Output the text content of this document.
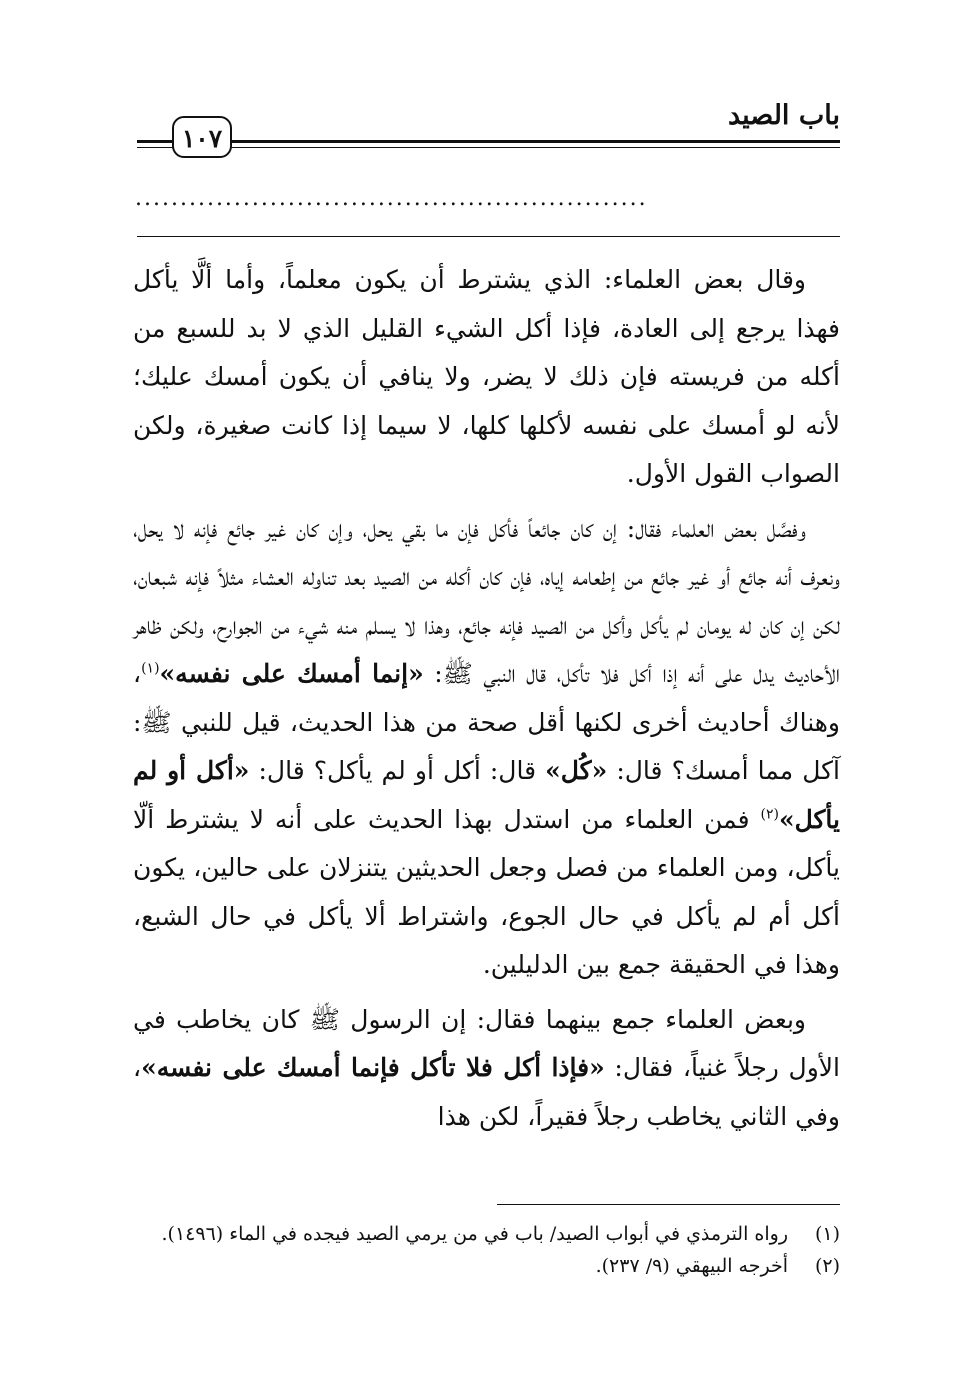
باب الصيد
١٠٧
.........................................................

وقال بعض العلماء: الذي يشترط أن يكون معلماً، وأما ألَّا يأكل فهذا يرجع إلى العادة، فإذا أكل الشيء القليل الذي لا بد للسبع من أكله من فريسته فإن ذلك لا يضر، ولا ينافي أن يكون أمسك عليك؛ لأنه لو أمسك على نفسه لأكلها كلها، لا سيما إذا كانت صغيرة، ولكن الصواب القول الأول.

وفصَّل بعض العلماء فقال: إن كان جائعاً فأكل فإن ما بقي يحل، وإن كان غير جائع فإنه لا يحل، ونعرف أنه جائع أو غير جائع من إطعامه إياه، فإن كان أكله من الصيد بعد تناوله العشاء مثلاً فإنه شبعان، لكن إن كان له يومان لم يأكل وأكل من الصيد فإنه جائع، وهذا لا يسلم منه شيء من الجوارح، ولكن ظاهر الأحاديث يدل على أنه إذا أكل فلا تأكل، قال النبي ﷺ: «إنما أمسك على نفسه»$^{(١)}$، وهناك أحاديث أخرى لكنها أقل صحة من هذا الحديث، قيل للنبي ﷺ: آكل مما أمسك؟ قال: «كُل» قال: أكل أو لم يأكل؟ قال: «أكل أو لم يأكل»$^{(٢)}$ فمن العلماء من استدل بهذا الحديث على أنه لا يشترط ألّا يأكل، ومن العلماء من فصل وجعل الحديثين يتنزلان على حالين، يكون أكل أم لم يأكل في حال الجوع، واشتراط ألا يأكل في حال الشبع، وهذا في الحقيقة جمع بين الدليلين.

وبعض العلماء جمع بينهما فقال: إن الرسول ﷺ كان يخاطب في الأول رجلاً غنياً، فقال: «فإذا أكل فلا تأكل فإنما أمسك على نفسه»، وفي الثاني يخاطب رجلاً فقيراً، لكن هذا

(١)
رواه الترمذي في أبواب الصيد/ باب في من يرمي الصيد فيجده في الماء (١٤٩٦).
(٢)
أخرجه البيهقي (٩/ ٢٣٧).
